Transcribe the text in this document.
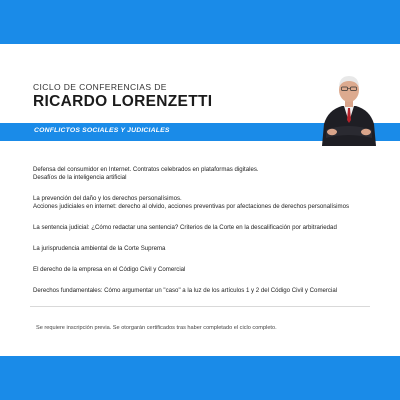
CICLO DE CONFERENCIAS DE
RICARDO LORENZETTI
CONFLICTOS SOCIALES Y JUDICIALES
Defensa del consumidor en Internet. Contratos celebrados en plataformas digitales.
Desafíos de la inteligencia artificial
La prevención del daño y los derechos personalísimos.
Acciones judiciales en internet: derecho al olvido, acciones preventivas por afectaciones de derechos personalísimos
La sentencia judicial: ¿Cómo redactar una sentencia? Criterios de la Corte en la descalificación por arbitrariedad
La jurisprudencia ambiental de la Corte Suprema
El derecho de la empresa en el Código Civil y Comercial
Derechos fundamentales: Cómo argumentar un "caso" a la luz de los artículos 1 y 2 del Código Civil y Comercial
Se requiere inscripción previa. Se otorgarán certificados tras haber completado el ciclo completo.
